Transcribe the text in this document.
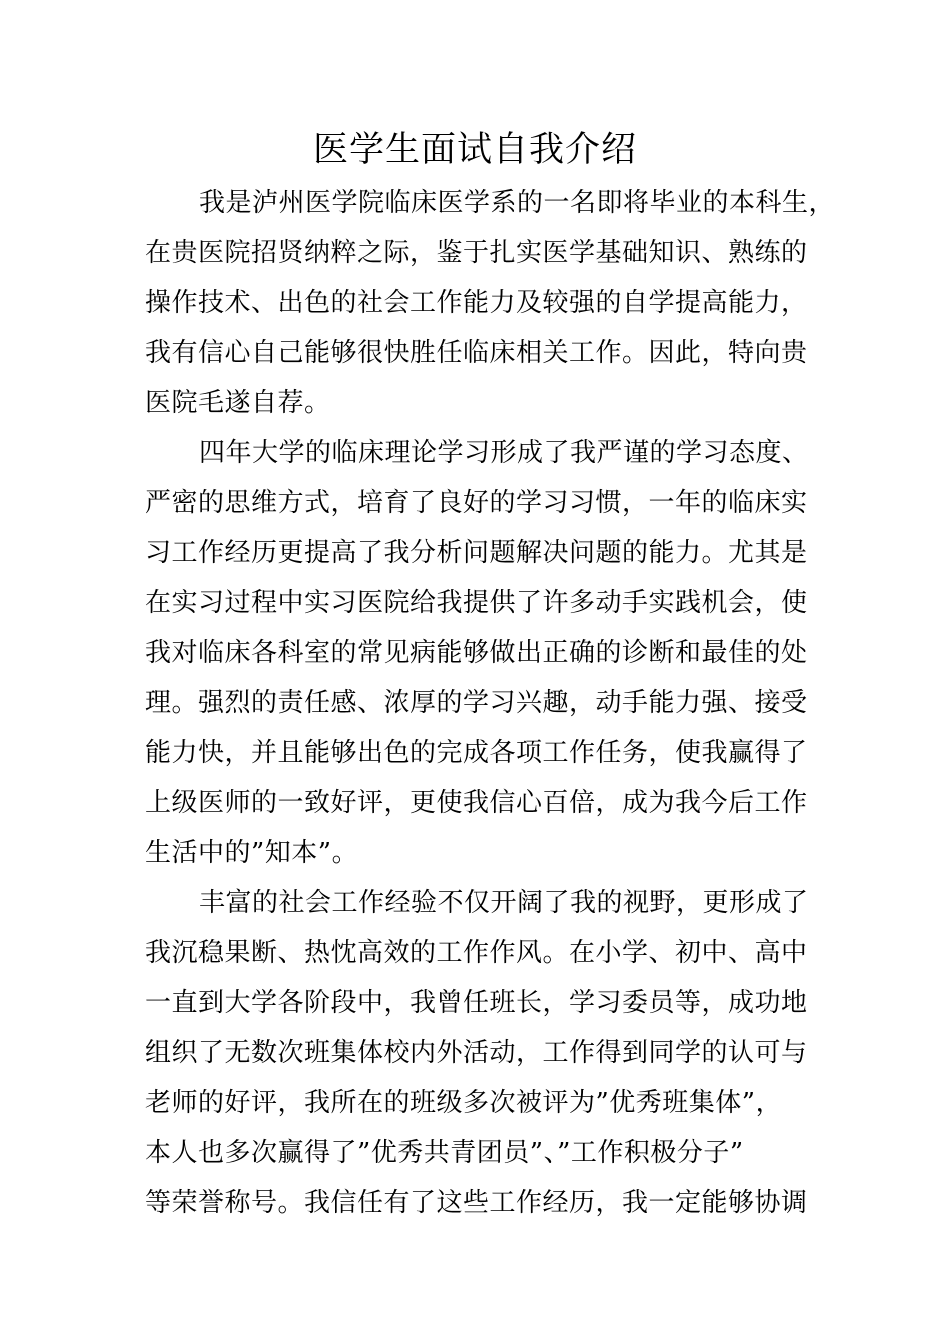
医学生面试自我介绍

我是泸州医学院临床医学系的一名即将毕业的本科生，
在贵医院招贤纳粹之际，鉴于扎实医学基础知识、熟练的
操作技术、出色的社会工作能力及较强的自学提高能力，
我有信心自己能够很快胜任临床相关工作。因此，特向贵
医院毛遂自荐。

四年大学的临床理论学习形成了我严谨的学习态度、
严密的思维方式，培育了良好的学习习惯，一年的临床实
习工作经历更提高了我分析问题解决问题的能力。尤其是
在实习过程中实习医院给我提供了许多动手实践机会，使
我对临床各科室的常见病能够做出正确的诊断和最佳的处
理。强烈的责任感、浓厚的学习兴趣，动手能力强、接受
能力快，并且能够出色的完成各项工作任务，使我赢得了
上级医师的一致好评，更使我信心百倍，成为我今后工作
生活中的”知本”。

丰富的社会工作经验不仅开阔了我的视野，更形成了
我沉稳果断、热忱高效的工作作风。在小学、初中、高中
一直到大学各阶段中，我曾任班长，学习委员等，成功地
组织了无数次班集体校内外活动，工作得到同学的认可与
老师的好评，我所在的班级多次被评为”优秀班集体”，
本人也多次赢得了”优秀共青团员”、”工作积极分子”
等荣誉称号。我信任有了这些工作经历，我一定能够协调
